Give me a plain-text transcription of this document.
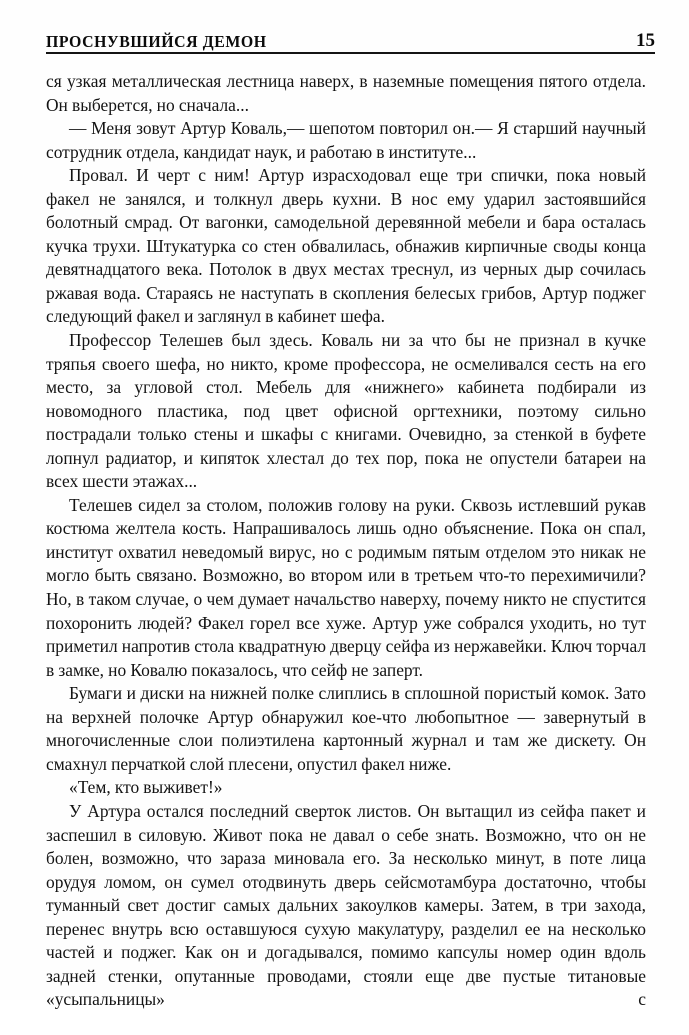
ПРОСНУВШИЙСЯ ДЕМОН	15

ся узкая металлическая лестница наверх, в наземные помещения пятого отдела. Он выберется, но сначала...

— Меня зовут Артур Коваль,— шепотом повторил он.— Я старший научный сотрудник отдела, кандидат наук, и работаю в институте...

Провал. И черт с ним! Артур израсходовал еще три спички, пока новый факел не занялся, и толкнул дверь кухни. В нос ему ударил застоявшийся болотный смрад. От вагонки, самодельной деревянной мебели и бара осталась кучка трухи. Штукатурка со стен обвалилась, обнажив кирпичные своды конца девятнадцатого века. Потолок в двух местах треснул, из черных дыр сочилась ржавая вода. Стараясь не наступать в скопления белесых грибов, Артур поджег следующий факел и заглянул в кабинет шефа.

Профессор Телешев был здесь. Коваль ни за что бы не признал в кучке тряпья своего шефа, но никто, кроме профессора, не осмеливался сесть на его место, за угловой стол. Мебель для «нижнего» кабинета подбирали из новомодного пластика, под цвет офисной оргтехники, поэтому сильно пострадали только стены и шкафы с книгами. Очевидно, за стенкой в буфете лопнул радиатор, и кипяток хлестал до тех пор, пока не опустели батареи на всех шести этажах...

Телешев сидел за столом, положив голову на руки. Сквозь истлевший рукав костюма желтела кость. Напрашивалось лишь одно объяснение. Пока он спал, институт охватил неведомый вирус, но с родимым пятым отделом это никак не могло быть связано. Возможно, во втором или в третьем что-то перехимичили? Но, в таком случае, о чем думает начальство наверху, почему никто не спустится похоронить людей? Факел горел все хуже. Артур уже собрался уходить, но тут приметил напротив стола квадратную дверцу сейфа из нержавейки. Ключ торчал в замке, но Ковалю показалось, что сейф не заперт.

Бумаги и диски на нижней полке слиплись в сплошной пористый комок. Зато на верхней полочке Артур обнаружил кое-что любопытное — завернутый в многочисленные слои полиэтилена картонный журнал и там же дискету. Он смахнул перчаткой слой плесени, опустил факел ниже.

«Тем, кто выживет!»

У Артура остался последний сверток листов. Он вытащил из сейфа пакет и заспешил в силовую. Живот пока не давал о себе знать. Возможно, что он не болен, возможно, что зараза миновала его. За несколько минут, в поте лица орудуя ломом, он сумел отодвинуть дверь сейсмотамбура достаточно, чтобы туманный свет достиг самых дальних закоулков камеры. Затем, в три захода, перенес внутрь всю оставшуюся сухую макулатуру, разделил ее на несколько частей и поджег. Как он и догадывался, помимо капсулы номер один вдоль задней стенки, опутанные проводами, стояли еще две пустые титановые «усыпальницы» с
